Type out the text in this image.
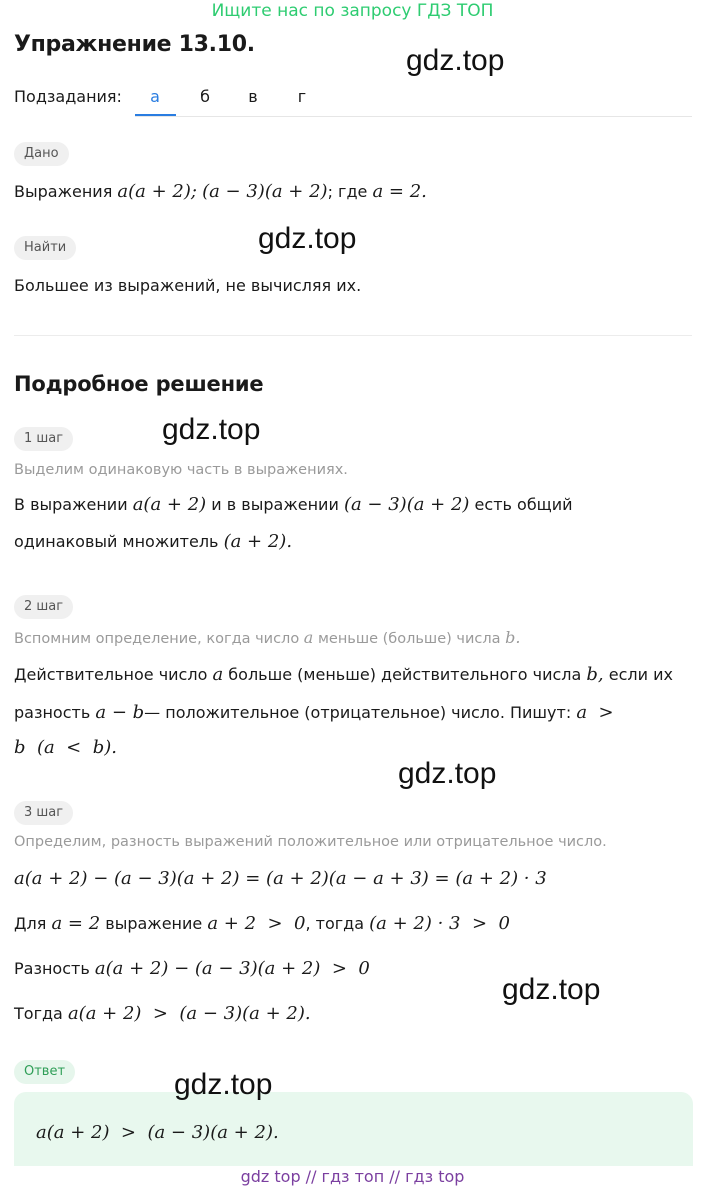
Ищите нас по запросу ГДЗ ТОП
Упражнение 13.10.	gdz.top
Подзадания:	а	б	в	г
Дано
Выражения a(a + 2); (a − 3)(a + 2); где a = 2.
Найти	gdz.top
Большее из выражений, не вычисляя их.
Подробное решение
1 шаг	gdz.top
Выделим одинаковую часть в выражениях.
В выражении a(a + 2) и в выражении (a − 3)(a + 2) есть общий
одинаковый множитель (a + 2).
2 шаг
Вспомним определение, когда число a меньше (больше) числа b.
Действительное число a больше (меньше) действительного числа b, если их
разность a − b— положительное (отрицательное) число. Пишут: a  >
b  (a  <  b).
gdz.top
3 шаг
Определим, разность выражений положительное или отрицательное число.
a(a + 2) − (a − 3)(a + 2) = (a + 2)(a − a + 3) = (a + 2) · 3
Для a = 2 выражение a + 2  >  0, тогда (a + 2) · 3  >  0
Разность a(a + 2) − (a − 3)(a + 2)  >  0
gdz.top
Тогда a(a + 2)  >  (a − 3)(a + 2).
Ответ	gdz.top
a(a + 2)  >  (a − 3)(a + 2).
gdz top // гдз топ // гдз top
